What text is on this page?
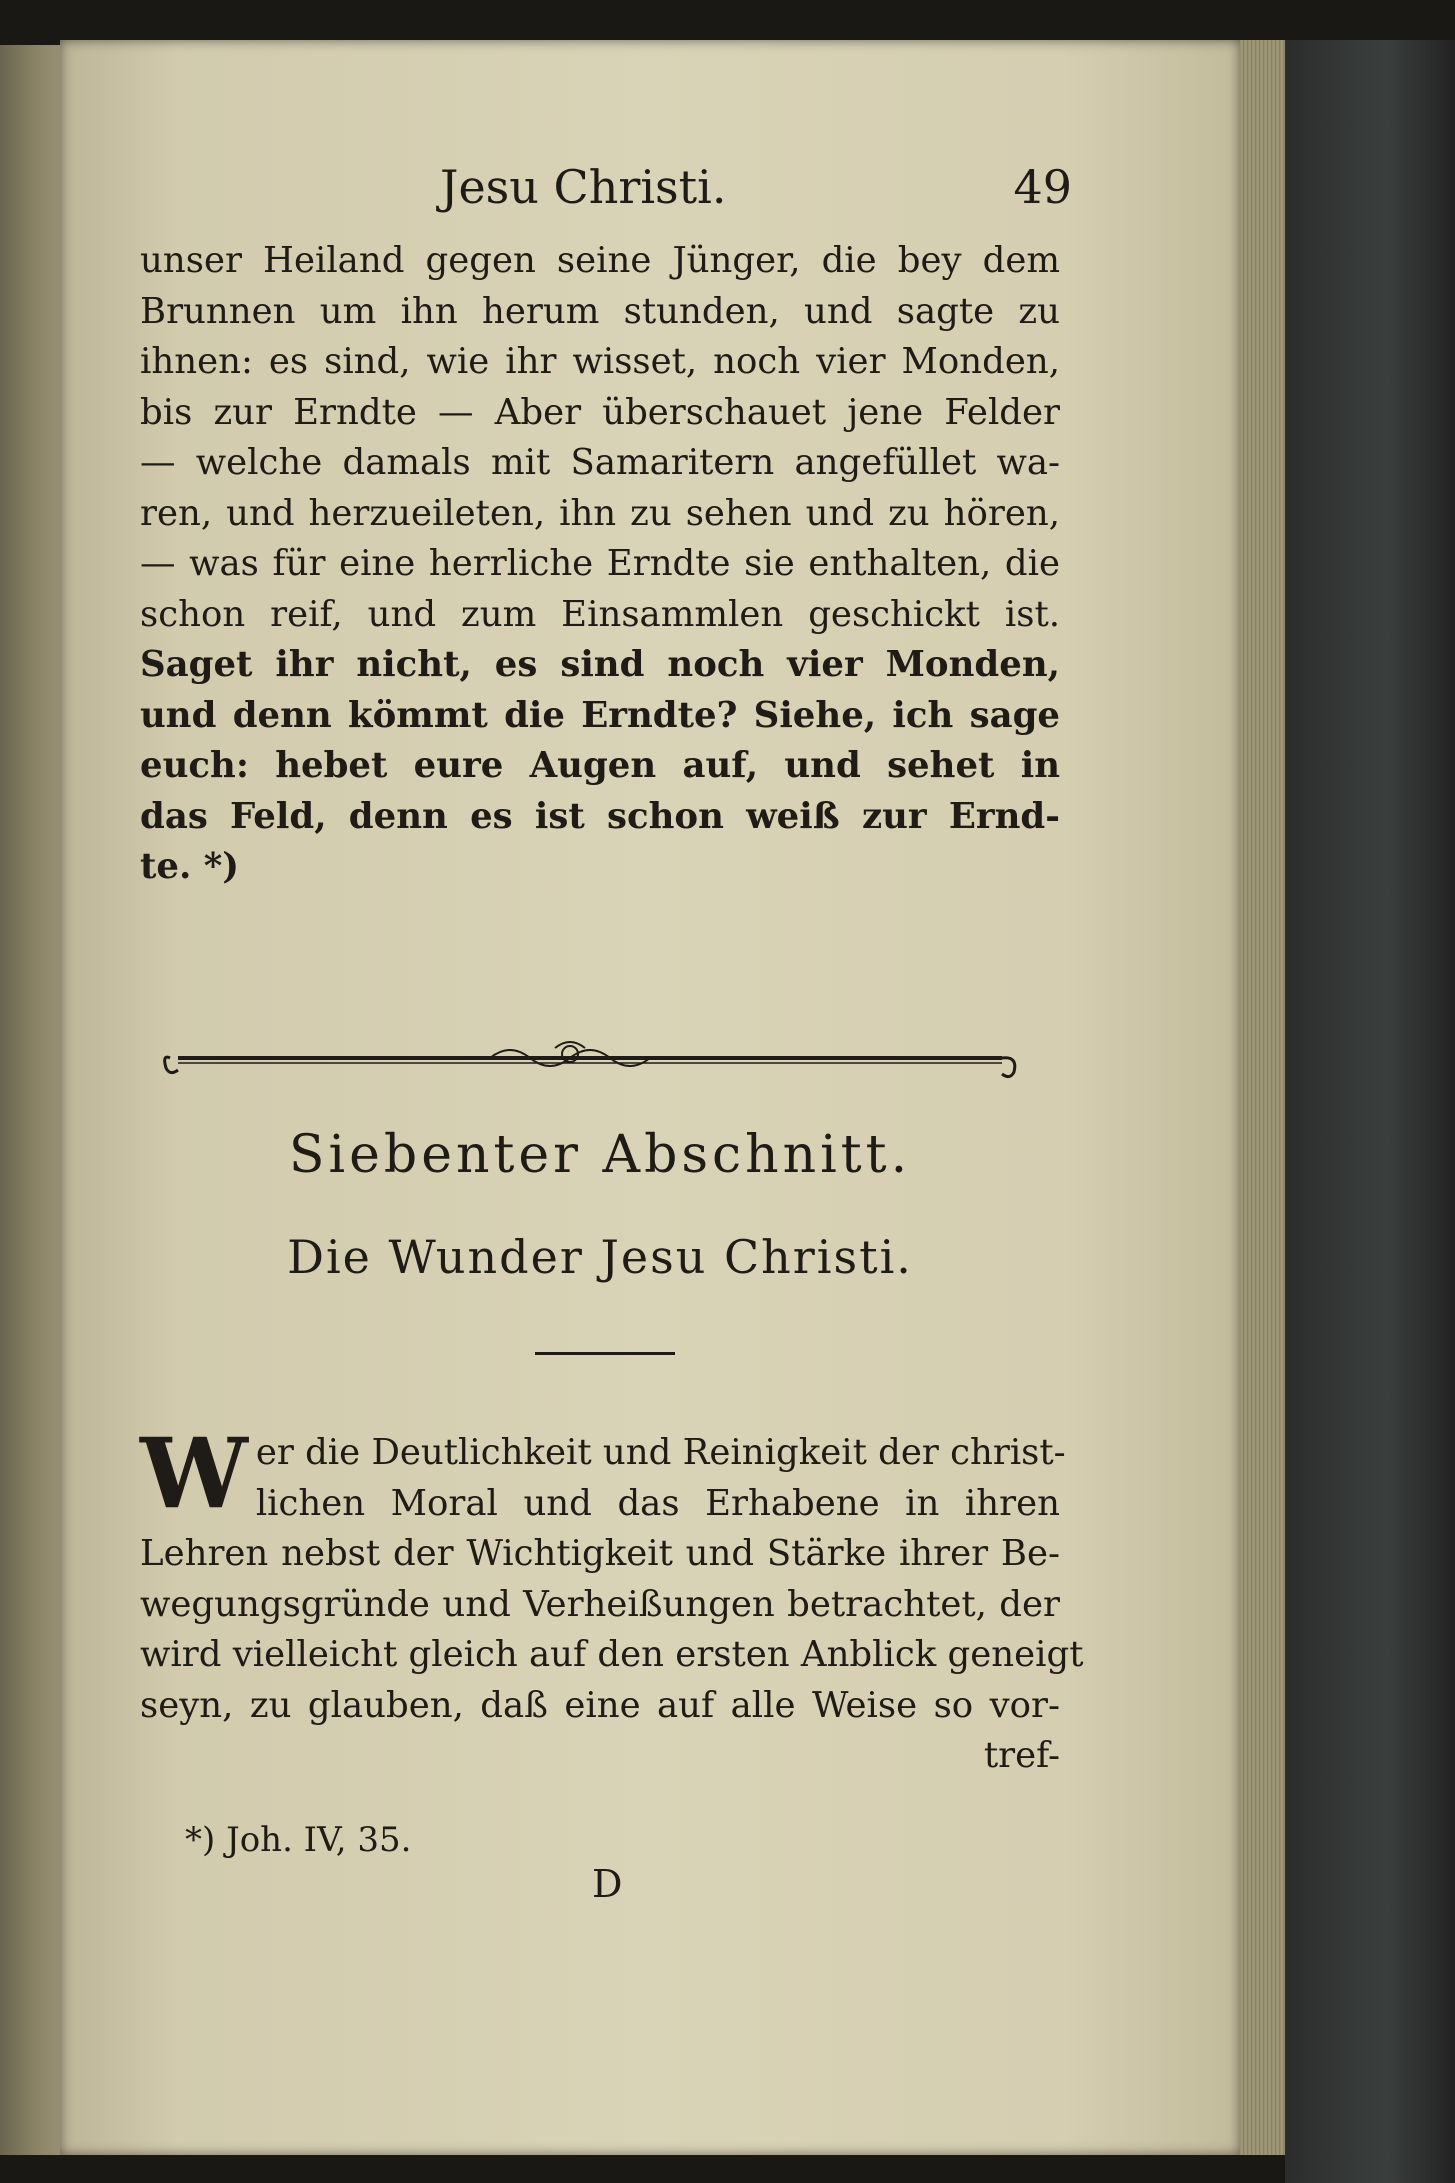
Jesu Christi.	49
unser Heiland gegen seine Jünger, die bey dem
Brunnen um ihn herum stunden, und sagte zu
ihnen: es sind, wie ihr wisset, noch vier Monden,
bis zur Erndte — Aber überschauet jene Felder
— welche damals mit Samaritern angefüllet wa-
ren, und herzueileten, ihn zu sehen und zu hören,
— was für eine herrliche Erndte sie enthalten, die
schon reif, und zum Einsammlen geschickt ist.
Saget ihr nicht, es sind noch vier Monden,
und denn kömmt die Erndte? Siehe, ich sage
euch: hebet eure Augen auf, und sehet in
das Feld, denn es ist schon weiß zur Ernd-
te. *)
Siebenter Abschnitt.
Die Wunder Jesu Christi.
W er die Deutlichkeit und Reinigkeit der christ-
lichen Moral und das Erhabene in ihren
Lehren nebst der Wichtigkeit und Stärke ihrer Be-
wegungsgründe und Verheißungen betrachtet, der
wird vielleicht gleich auf den ersten Anblick geneigt
seyn, zu glauben, daß eine auf alle Weise so vor-
tref-
*) Joh. IV, 35.
D
